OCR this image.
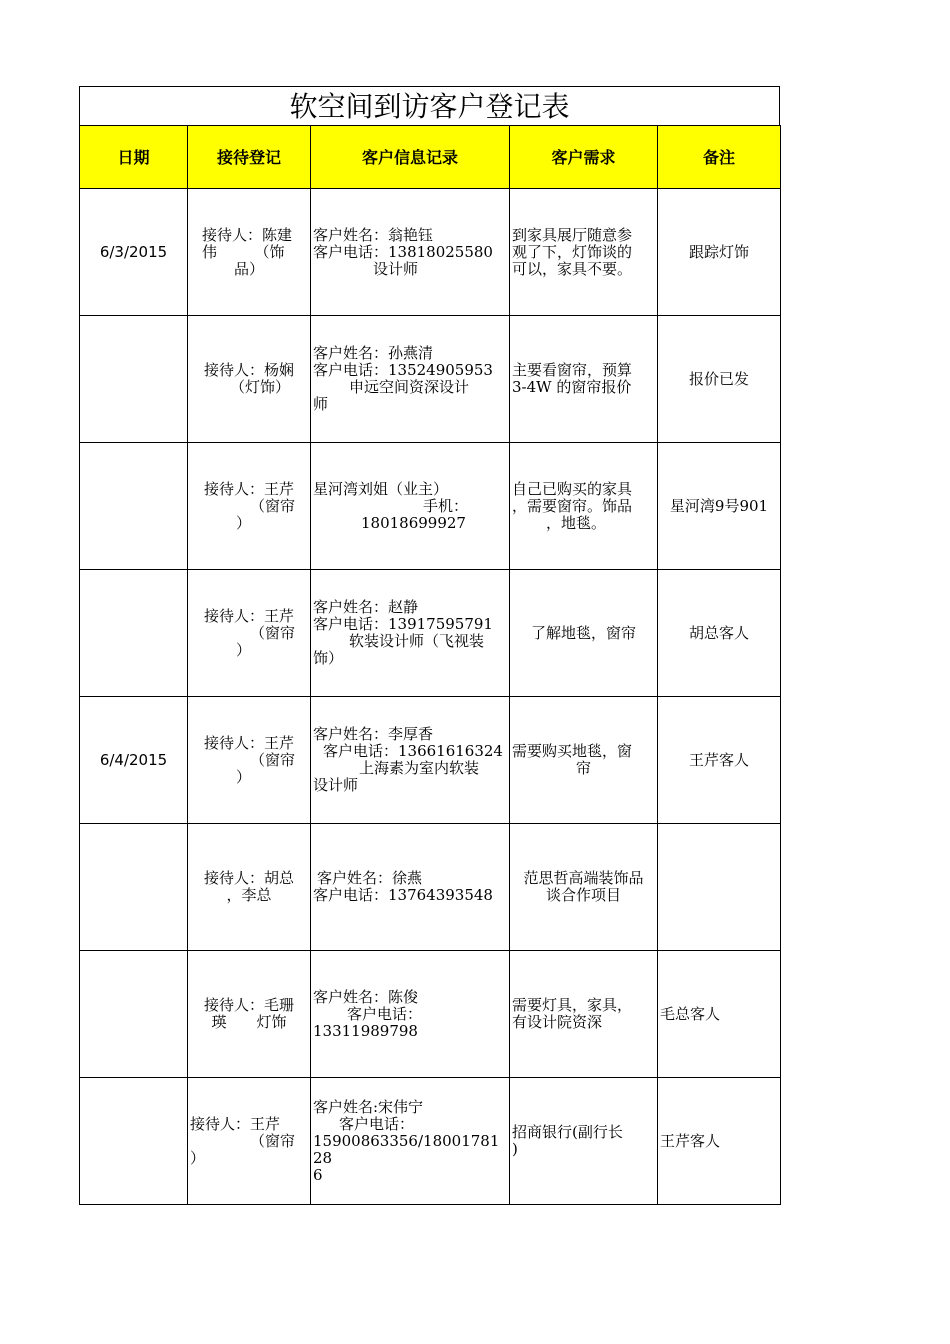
软空间到访客户登记表
日期	接待登记	客户信息记录	客户需求	备注
6/3/2015	接待人：陈建
伟　　　（饰
品）	客户姓名：翁艳钰
客户电话：13818025580
设计师	到家具展厅随意参
观了下，灯饰谈的
可以，家具不要。	跟踪灯饰

	接待人：杨娴
（灯饰）	客户姓名：孙燕清
客户电话：13524905953
申远空间资深设计
师	主要看窗帘，预算
3-4W 的窗帘报价	报价已发

	接待人：王芹
（窗帘
）	星河湾刘姐（业主）
手机：
18018699927	自己已购买的家具
，需要窗帘。饰品
，地毯。	星河湾9号901

	接待人：王芹
（窗帘
）	客户姓名：赵静
客户电话：13917595791
软装设计师（飞视装
饰）	了解地毯，窗帘	胡总客人
6/4/2015	接待人：王芹
（窗帘
）	客户姓名：李厚香
客户电话：13661616324
上海素为室内软装
设计师	需要购买地毯，窗
帘	王芹客人

	接待人：胡总
，李总	客户姓名：徐燕
客户电话：13764393548	范思哲高端装饰品
谈合作项目	

	接待人：毛珊
瑛　　灯饰	客户姓名：陈俊
客户电话：
13311989798	需要灯具，家具，
有设计院资深	毛总客人

	接待人：王芹
（窗帘
）	客户姓名:宋伟宁
客户电话：
15900863356/1800178128
6	招商银行(副行长
)	王芹客人
